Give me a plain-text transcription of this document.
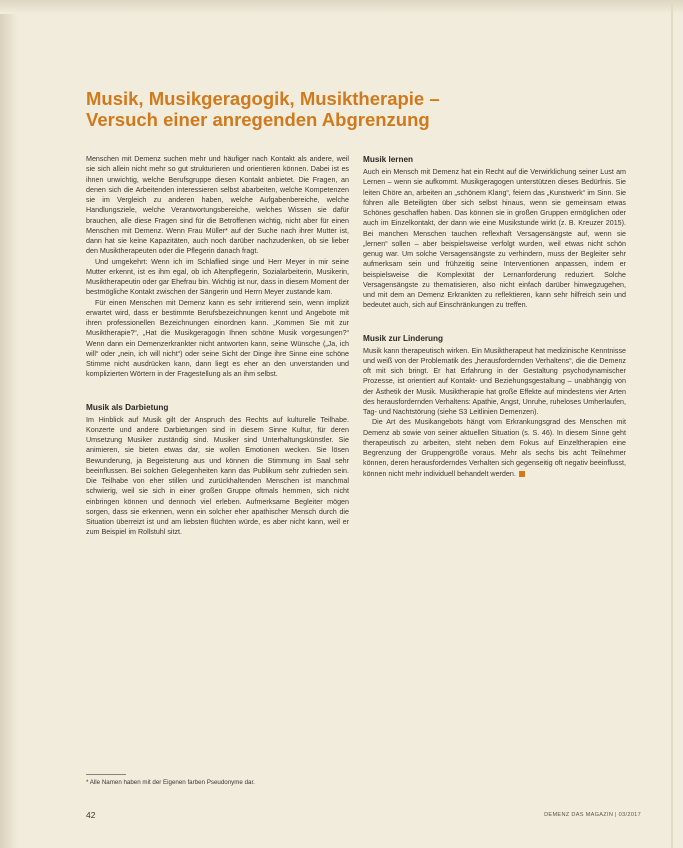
Musik, Musikgeragogik, Musiktherapie –
Versuch einer anregenden Abgrenzung

Menschen mit Demenz suchen mehr und häufiger nach Kontakt als andere, weil sie sich allein nicht mehr so gut strukturieren und orientieren können. Dabei ist es ihnen unwichtig, welche Berufsgruppe diesen Kontakt anbietet. Die Fragen, an denen sich die Arbeitenden interessieren selbst abarbeiten, welche Kompetenzen sie im Vergleich zu anderen haben, welche Aufgabenbereiche, welche Handlungsziele, welche Verantwortungsbereiche, welches Wissen sie dafür brauchen, alle diese Fragen sind für die Betroffenen wichtig, nicht aber für einen Menschen mit Demenz. Wenn Frau Müller* auf der Suche nach ihrer Mutter ist, dann hat sie keine Kapazitäten, auch noch darüber nachzudenken, ob sie lieber den Musiktherapeuten oder die Pflegerin danach fragt.

Und umgekehrt: Wenn ich im Schlaflied singe und Herr Meyer in mir seine Mutter erkennt, ist es ihm egal, ob ich Altenpflegerin, Sozialarbeiterin, Musikerin, Musiktherapeutin oder gar Ehefrau bin. Wichtig ist nur, dass in diesem Moment der bestmögliche Kontakt zwischen der Sängerin und Herrn Meyer zustande kam.

Für einen Menschen mit Demenz kann es sehr irritierend sein, wenn implizit erwartet wird, dass er bestimmte Berufsbezeichnungen kennt und Angebote mit ihren professionellen Bezeichnungen einordnen kann. „Kommen Sie mit zur Musiktherapie?“, „Hat die Musikgeragogin Ihnen schöne Musik vorgesungen?“ Wenn dann ein Demenzerkrankter nicht antworten kann, seine Wünsche („Ja, ich will“ oder „nein, ich will nicht“) oder seine Sicht der Dinge ihre Sinne eine schöne Stimme nicht ausdrücken kann, dann liegt es eher an den unverstanden und komplizierten Wörtern in der Fragestellung als an ihm selbst.

Musik als Darbietung

Im Hinblick auf Musik gilt der Anspruch des Rechts auf kulturelle Teilhabe. Konzerte und andere Darbietungen sind in diesem Sinne Kultur, für deren Umsetzung Musiker zuständig sind. Musiker sind Unterhaltungskünstler. Sie animieren, sie bieten etwas dar, sie wollen Emotionen wecken. Sie lösen Bewunderung, ja Begeisterung aus und können die Stimmung im Saal sehr beeinflussen. Bei solchen Gelegenheiten kann das Publikum sehr zufrieden sein. Die Teilhabe von eher stillen und zurückhaltenden Menschen ist manchmal schwierig, weil sie sich in einer großen Gruppe oftmals hemmen, sich nicht einbringen können und dennoch viel erleben. Aufmerksame Begleiter mögen sorgen, dass sie erkennen, wenn ein solcher eher apathischer Mensch durch die Situation überreizt ist und am liebsten flüchten würde, es aber nicht kann, weil er zum Beispiel im Rollstuhl sitzt.

Musik lernen

Auch ein Mensch mit Demenz hat ein Recht auf die Verwirklichung seiner Lust am Lernen – wenn sie aufkommt. Musikgeragogen unterstützen dieses Bedürfnis. Sie leiten Chöre an, arbeiten an „schönem Klang“, feiern das „Kunstwerk“ im Sinn. Sie führen alle Beteiligten über sich selbst hinaus, wenn sie gemeinsam etwas Schönes geschaffen haben. Das können sie in großen Gruppen ermöglichen oder auch im Einzelkontakt, der dann wie eine Musikstunde wirkt (z. B. Kreuzer 2015). Bei manchen Menschen tauchen reflexhaft Versagensängste auf, wenn sie „lernen“ sollen – aber beispielsweise verfolgt wurden, weil etwas nicht schön genug war. Um solche Versagensängste zu verhindern, muss der Begleiter sehr aufmerksam sein und frühzeitig seine Interventionen anpassen, indem er beispielsweise die Komplexität der Lernanforderung reduziert. Solche Versagensängste zu thematisieren, also nicht einfach darüber hinwegzugehen, und mit dem an Demenz Erkrankten zu reflektieren, kann sehr hilfreich sein und bedeutet auch, sich auf Einschränkungen zu treffen.

Musik zur Linderung

Musik kann therapeutisch wirken. Ein Musiktherapeut hat medizinische Kenntnisse und weiß von der Problematik des „herausfordernden Verhaltens“, die die Demenz oft mit sich bringt. Er hat Erfahrung in der Gestaltung psychodynamischer Prozesse, ist orientiert auf Kontakt- und Beziehungsgestaltung – unabhängig von der Ästhetik der Musik. Musiktherapie hat große Effekte auf mindestens vier Arten des herausfordernden Verhaltens: Apathie, Angst, Unruhe, ruheloses Umherlaufen, Tag- und Nachtstörung (siehe S3 Leitlinien Demenzen).

Die Art des Musikangebots hängt vom Erkrankungsgrad des Menschen mit Demenz ab sowie von seiner aktuellen Situation (s. S. 46). In diesem Sinne geht therapeutisch zu arbeiten, steht neben dem Fokus auf Einzeltherapien eine Begrenzung der Gruppengröße voraus. Mehr als sechs bis acht Teilnehmer können, deren herausforderndes Verhalten sich gegenseitig oft negativ beeinflusst, können nicht mehr individuell behandelt werden.

* Alle Namen haben mit der Eigenen farben Pseudonyme dar.
42	DEMENZ DAS MAGAZIN | 03/2017
